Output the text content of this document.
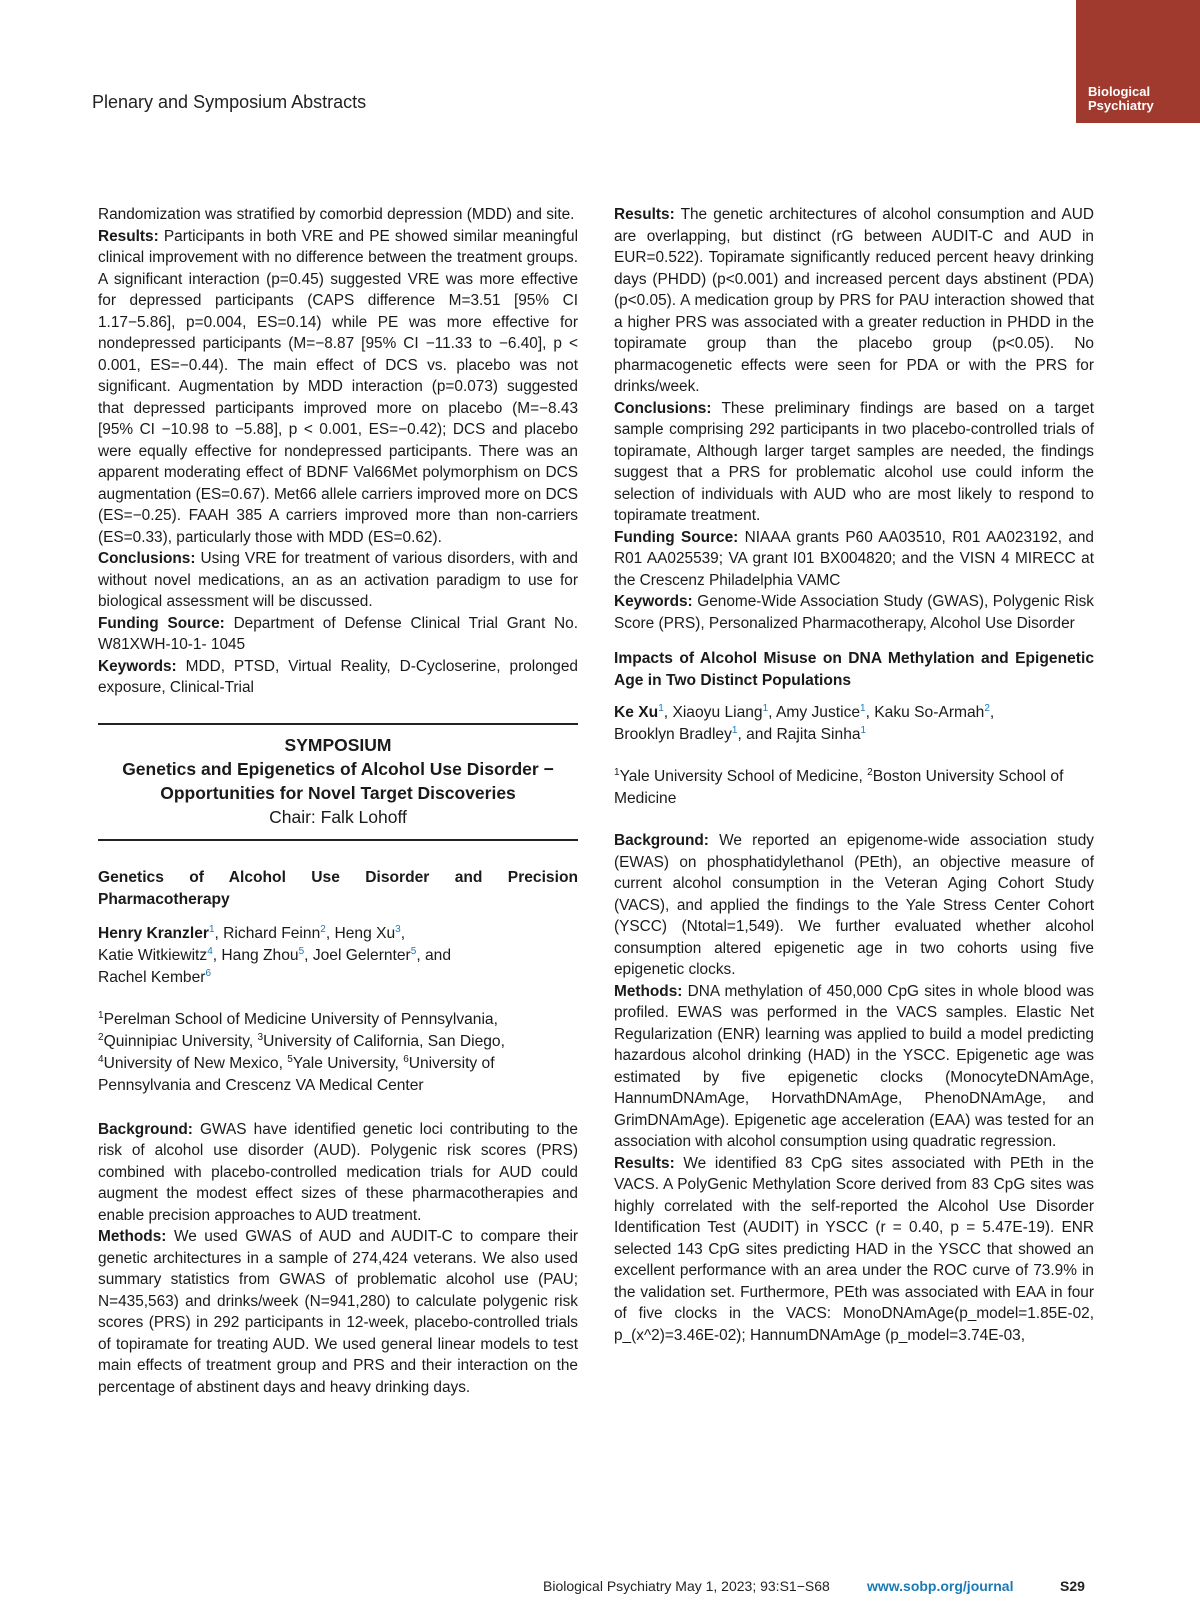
Biological
Psychiatry
Plenary and Symposium Abstracts

Randomization was stratified by comorbid depression (MDD) and site.

Results: Participants in both VRE and PE showed similar meaningful clinical improvement with no difference between the treatment groups. A significant interaction (p=0.45) suggested VRE was more effective for depressed participants (CAPS difference M=3.51 [95% CI 1.17−5.86], p=0.004, ES=0.14) while PE was more effective for nondepressed participants (M=−8.87 [95% CI −11.33 to −6.40], p < 0.001, ES=−0.44). The main effect of DCS vs. placebo was not significant. Augmentation by MDD interaction (p=0.073) suggested that depressed participants improved more on placebo (M=−8.43 [95% CI −10.98 to −5.88], p < 0.001, ES=−0.42); DCS and placebo were equally effective for nondepressed participants. There was an apparent moderating effect of BDNF Val66Met polymorphism on DCS augmentation (ES=0.67). Met66 allele carriers improved more on DCS (ES=−0.25). FAAH 385 A carriers improved more than non-carriers (ES=0.33), particularly those with MDD (ES=0.62).

Conclusions: Using VRE for treatment of various disorders, with and without novel medications, an as an activation paradigm to use for biological assessment will be discussed.

Funding Source: Department of Defense Clinical Trial Grant No. W81XWH-10-1- 1045

Keywords: MDD, PTSD, Virtual Reality, D-Cycloserine, prolonged exposure, Clinical-Trial

SYMPOSIUM
Genetics and Epigenetics of Alcohol Use Disorder − Opportunities for Novel Target Discoveries
Chair: Falk Lohoff

Genetics of Alcohol Use Disorder and Precision Pharmacotherapy

Henry Kranzler$^1$, Richard Feinn$^2$, Heng Xu$^3$,
Katie Witkiewitz$^4$, Hang Zhou$^5$, Joel Gelernter$^5$, and
Rachel Kember$^6$

$^1$Perelman School of Medicine University of Pennsylvania,
$^2$Quinnipiac University, $^3$University of California, San Diego,
$^4$University of New Mexico, $^5$Yale University, $^6$University of Pennsylvania and Crescenz VA Medical Center

Background: GWAS have identified genetic loci contributing to the risk of alcohol use disorder (AUD). Polygenic risk scores (PRS) combined with placebo-controlled medication trials for AUD could augment the modest effect sizes of these pharmacotherapies and enable precision approaches to AUD treatment.

Methods: We used GWAS of AUD and AUDIT-C to compare their genetic architectures in a sample of 274,424 veterans. We also used summary statistics from GWAS of problematic alcohol use (PAU; N=435,563) and drinks/week (N=941,280) to calculate polygenic risk scores (PRS) in 292 participants in 12-week, placebo-controlled trials of topiramate for treating AUD. We used general linear models to test main effects of treatment group and PRS and their interaction on the percentage of abstinent days and heavy drinking days.

Results: The genetic architectures of alcohol consumption and AUD are overlapping, but distinct (rG between AUDIT-C and AUD in EUR=0.522). Topiramate significantly reduced percent heavy drinking days (PHDD) (p<0.001) and increased percent days abstinent (PDA)(p<0.05). A medication group by PRS for PAU interaction showed that a higher PRS was associated with a greater reduction in PHDD in the topiramate group than the placebo group (p<0.05). No pharmacogenetic effects were seen for PDA or with the PRS for drinks/week.

Conclusions: These preliminary findings are based on a target sample comprising 292 participants in two placebo-controlled trials of topiramate, Although larger target samples are needed, the findings suggest that a PRS for problematic alcohol use could inform the selection of individuals with AUD who are most likely to respond to topiramate treatment.

Funding Source: NIAAA grants P60 AA03510, R01 AA023192, and R01 AA025539; VA grant I01 BX004820; and the VISN 4 MIRECC at the Crescenz Philadelphia VAMC

Keywords: Genome-Wide Association Study (GWAS), Polygenic Risk Score (PRS), Personalized Pharmacotherapy, Alcohol Use Disorder

Impacts of Alcohol Misuse on DNA Methylation and Epigenetic Age in Two Distinct Populations

Ke Xu$^1$, Xiaoyu Liang$^1$, Amy Justice$^1$, Kaku So-Armah$^2$,
Brooklyn Bradley$^1$, and Rajita Sinha$^1$

$^1$Yale University School of Medicine, $^2$Boston University School of Medicine

Background: We reported an epigenome-wide association study (EWAS) on phosphatidylethanol (PEth), an objective measure of current alcohol consumption in the Veteran Aging Cohort Study (VACS), and applied the findings to the Yale Stress Center Cohort (YSCC) (Ntotal=1,549). We further evaluated whether alcohol consumption altered epigenetic age in two cohorts using five epigenetic clocks.

Methods: DNA methylation of 450,000 CpG sites in whole blood was profiled. EWAS was performed in the VACS samples. Elastic Net Regularization (ENR) learning was applied to build a model predicting hazardous alcohol drinking (HAD) in the YSCC. Epigenetic age was estimated by five epigenetic clocks (MonocyteDNAmAge, HannumDNAmAge, HorvathDNAmAge, PhenoDNAmAge, and GrimDNAmAge). Epigenetic age acceleration (EAA) was tested for an association with alcohol consumption using quadratic regression.

Results: We identified 83 CpG sites associated with PEth in the VACS. A PolyGenic Methylation Score derived from 83 CpG sites was highly correlated with the self-reported the Alcohol Use Disorder Identification Test (AUDIT) in YSCC (r = 0.40, p = 5.47E-19). ENR selected 143 CpG sites predicting HAD in the YSCC that showed an excellent performance with an area under the ROC curve of 73.9% in the validation set. Furthermore, PEth was associated with EAA in four of five clocks in the VACS: MonoDNAmAge(p_model=1.85E-02, p_(x^2)=3.46E-02); HannumDNAmAge (p_model=3.74E-03,

Biological Psychiatry May 1, 2023; 93:S1−S68	www.sobp.org/journal	S29
